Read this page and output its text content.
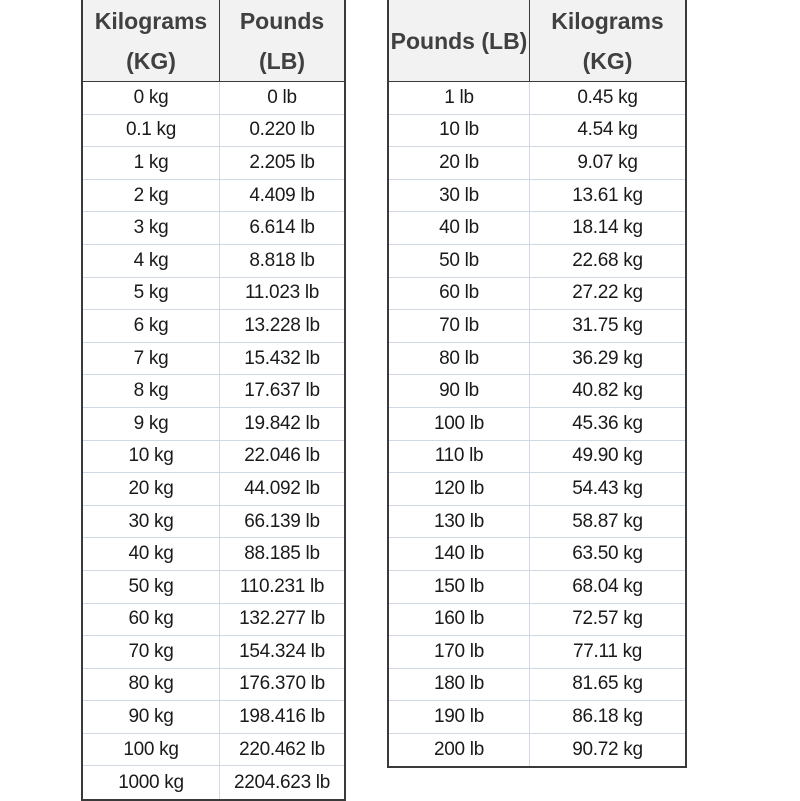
Kilograms (KG)
Pounds (LB)
0 kg	0 lb
0.1 kg	0.220 lb
1 kg	2.205 lb
2 kg	4.409 lb
3 kg	6.614 lb
4 kg	8.818 lb
5 kg	11.023 lb
6 kg	13.228 lb
7 kg	15.432 lb
8 kg	17.637 lb
9 kg	19.842 lb
10 kg	22.046 lb
20 kg	44.092 lb
30 kg	66.139 lb
40 kg	88.185 lb
50 kg	110.231 lb
60 kg	132.277 lb
70 kg	154.324 lb
80 kg	176.370 lb
90 kg	198.416 lb
100 kg	220.462 lb
1000 kg	2204.623 lb
Pounds (LB)
Kilograms (KG)
1 lb	0.45 kg
10 lb	4.54 kg
20 lb	9.07 kg
30 lb	13.61 kg
40 lb	18.14 kg
50 lb	22.68 kg
60 lb	27.22 kg
70 lb	31.75 kg
80 lb	36.29 kg
90 lb	40.82 kg
100 lb	45.36 kg
110 lb	49.90 kg
120 lb	54.43 kg
130 lb	58.87 kg
140 lb	63.50 kg
150 lb	68.04 kg
160 lb	72.57 kg
170 lb	77.11 kg
180 lb	81.65 kg
190 lb	86.18 kg
200 lb	90.72 kg
